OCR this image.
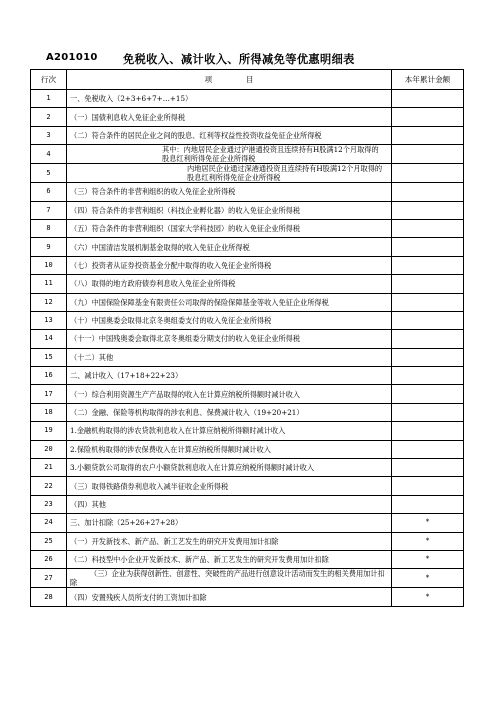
A201010 免税收入、减计收入、所得减免等优惠明细表
行次	项              目	本年累计金额
1	一、免税收入（2+3+6+7+…+15）	
2	（一）国债利息收入免征企业所得税	
3	（二）符合条件的居民企业之间的股息、红利等权益性投资收益免征企业所得税	
4	其中：内地居民企业通过沪港通投资且连续持有H股满12个月取得的股息红利所得免征企业所得税	
5	内地居民企业通过深港通投资且连续持有H股满12个月取得的股息红利所得免征企业所得税	
6	（三）符合条件的非营利组织的收入免征企业所得税	
7	（四）符合条件的非营利组织（科技企业孵化器）的收入免征企业所得税	
8	（五）符合条件的非营利组织（国家大学科技园）的收入免征企业所得税	
9	（六）中国清洁发展机制基金取得的收入免征企业所得税	
10	（七）投资者从证券投资基金分配中取得的收入免征企业所得税	
11	（八）取得的地方政府债券利息收入免征企业所得税	
12	（九）中国保险保障基金有限责任公司取得的保险保障基金等收入免征企业所得税	
13	（十）中国奥委会取得北京冬奥组委支付的收入免征企业所得税	
14	（十一）中国残奥委会取得北京冬奥组委分期支付的收入免征企业所得税	
15	（十二）其他	
16	二、减计收入（17+18+22+23）	
17	（一）综合利用资源生产产品取得的收入在计算应纳税所得额时减计收入	
18	（二）金融、保险等机构取得的涉农利息、保费减计收入（19+20+21）	
19	1.金融机构取得的涉农贷款利息收入在计算应纳税所得额时减计收入	
20	2.保险机构取得的涉农保费收入在计算应纳税所得额时减计收入	
21	3.小额贷款公司取得的农户小额贷款利息收入在计算应纳税所得额时减计收入	
22	（三）取得铁路债券利息收入减半征收企业所得税	
23	（四）其他	
24	三、加计扣除（25+26+27+28）	*
25	（一）开发新技术、新产品、新工艺发生的研究开发费用加计扣除	*
26	（二）科技型中小企业开发新技术、新产品、新工艺发生的研究开发费用加计扣除	*
27	（三）企业为获得创新性、创意性、突破性的产品进行创意设计活动而发生的相关费用加计扣除	*
28	（四）安置残疾人员所支付的工资加计扣除	*
